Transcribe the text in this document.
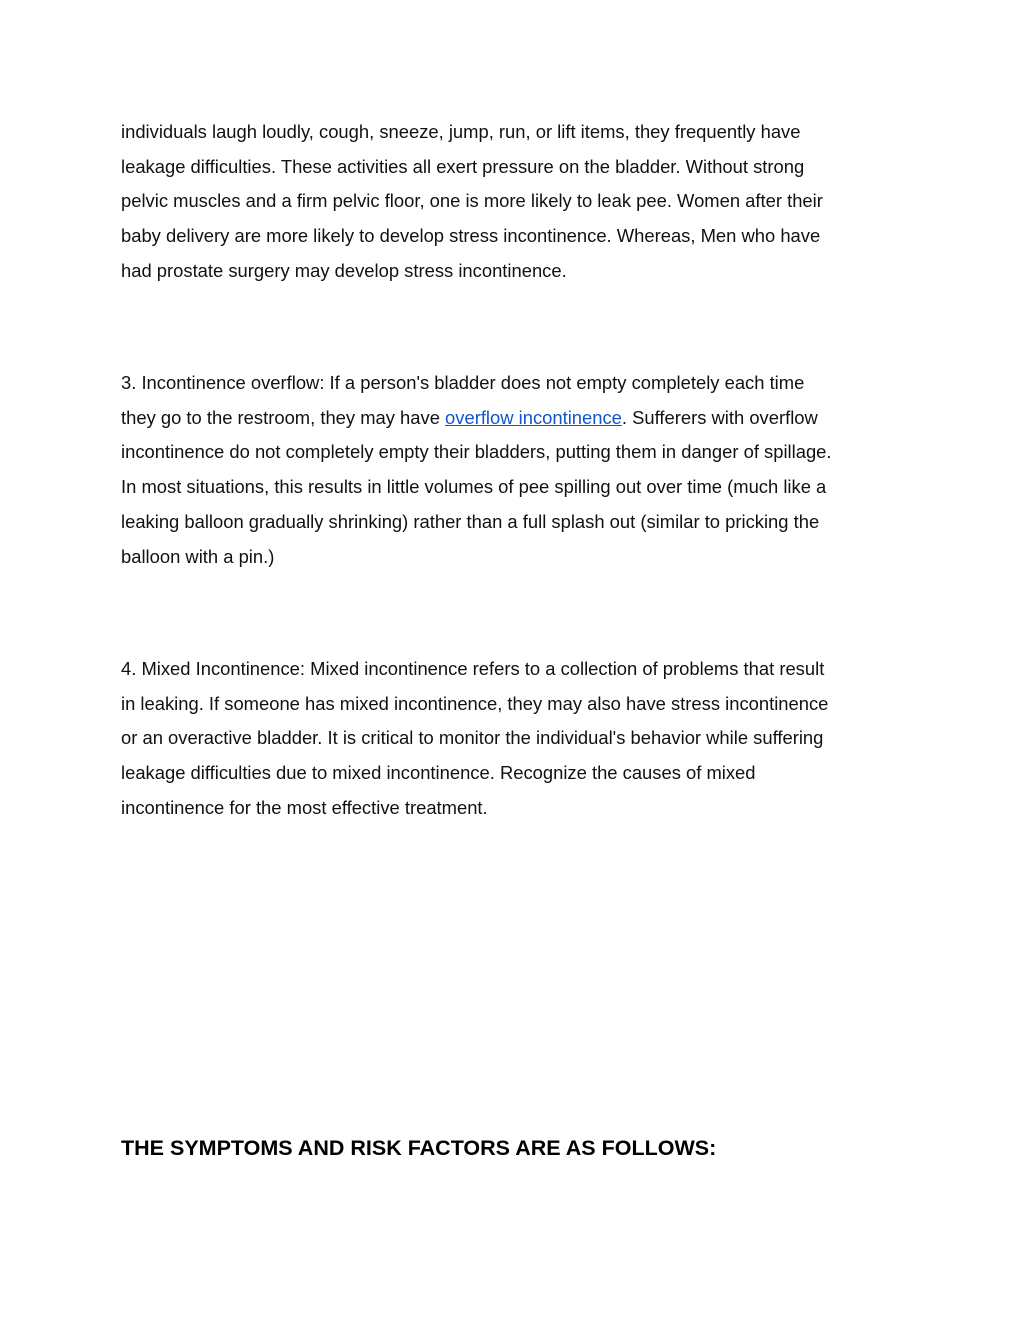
individuals laugh loudly, cough, sneeze, jump, run, or lift items, they frequently have
leakage difficulties. These activities all exert pressure on the bladder. Without strong
pelvic muscles and a firm pelvic floor, one is more likely to leak pee. Women after their
baby delivery are more likely to develop stress incontinence. Whereas, Men who have
had prostate surgery may develop stress incontinence.

3. Incontinence overflow: If a person's bladder does not empty completely each time
they go to the restroom, they may have overflow incontinence. Sufferers with overflow
incontinence do not completely empty their bladders, putting them in danger of spillage.
In most situations, this results in little volumes of pee spilling out over time (much like a
leaking balloon gradually shrinking) rather than a full splash out (similar to pricking the
balloon with a pin.)

4. Mixed Incontinence: Mixed incontinence refers to a collection of problems that result
in leaking. If someone has mixed incontinence, they may also have stress incontinence
or an overactive bladder. It is critical to monitor the individual's behavior while suffering
leakage difficulties due to mixed incontinence. Recognize the causes of mixed
incontinence for the most effective treatment.

THE SYMPTOMS AND RISK FACTORS ARE AS FOLLOWS:
